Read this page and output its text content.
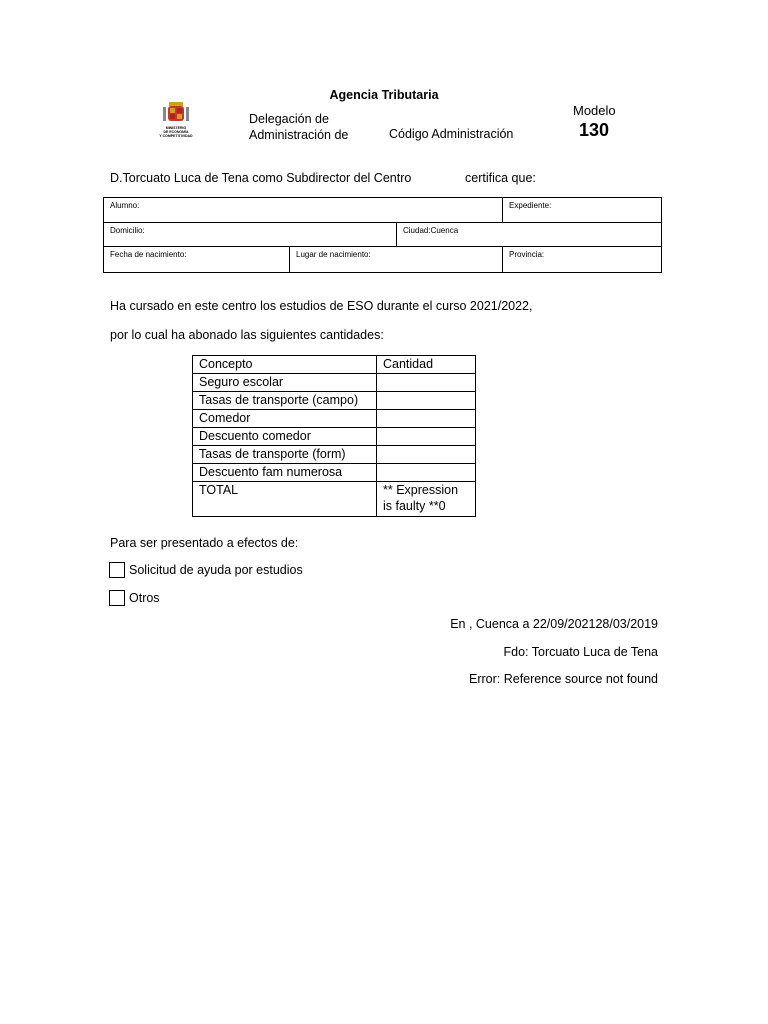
MINISTERIO
DE ECONOMÍA
Y COMPETITIVIDAD
Agencia Tributaria
Delegación de
Administración de	Código Administración
Modelo
130
D.Torcuato Luca de Tena como Subdirector del Centro	certifica que:
Alumno:			Expediente:
Domicilio:		Ciudad:Cuenca	
Fecha de nacimiento:	Lugar de nacimiento:		Provincia:
Ha cursado en este centro los estudios de ESO durante el curso 2021/2022,
por lo cual ha abonado las siguientes cantidades:
Concepto	Cantidad
Seguro escolar	
Tasas de transporte (campo)	
Comedor	
Descuento comedor	
Tasas de transporte (form)	
Descuento fam numerosa	
TOTAL	** Expression
is faulty **0
Para ser presentado a efectos de:
Solicitud de ayuda por estudios
Otros
En , Cuenca a 22/09/202128/03/2019
Fdo: Torcuato Luca de Tena
Error: Reference source not found
